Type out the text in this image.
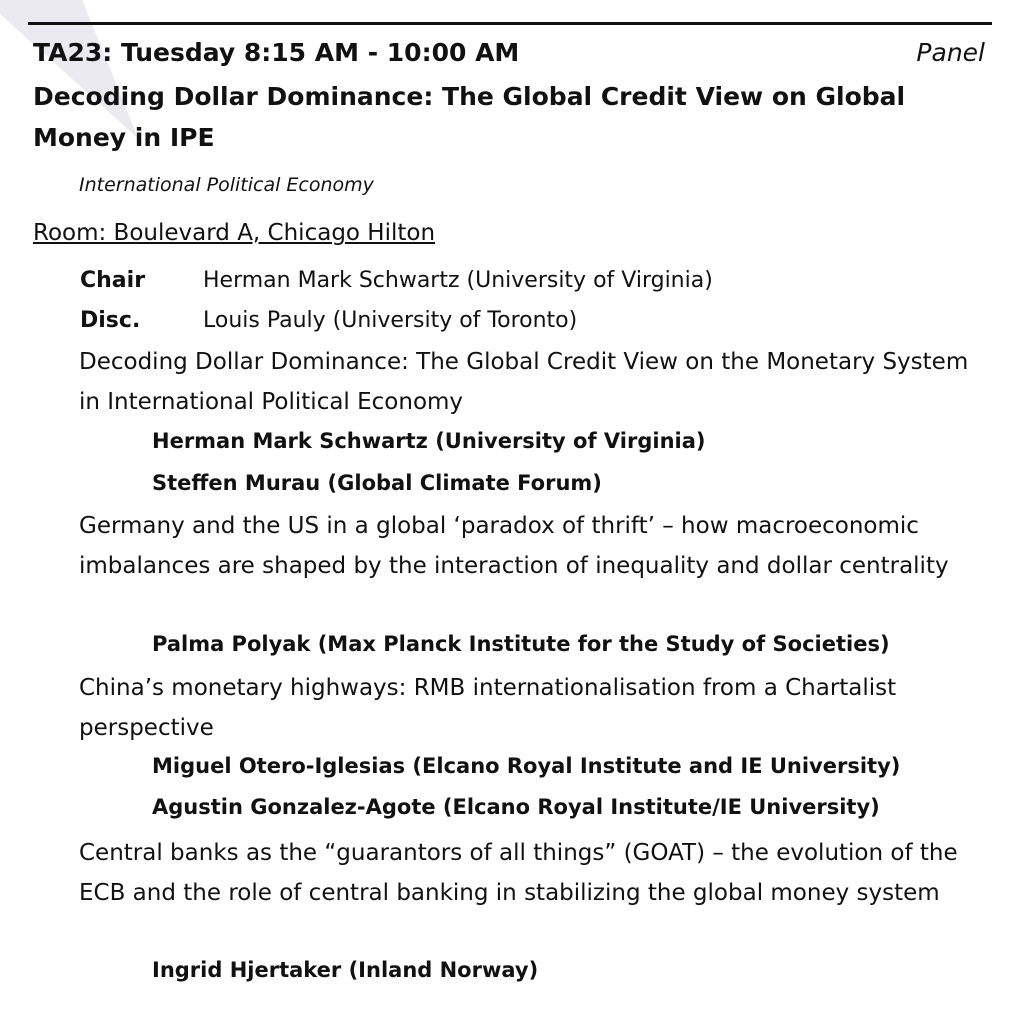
TA23: Tuesday 8:15 AM - 10:00 AM	Panel
Decoding Dollar Dominance: The Global Credit View on Global Money in IPE
International Political Economy
Room: Boulevard A, Chicago Hilton
Chair	Herman Mark Schwartz (University of Virginia)
Disc.	Louis Pauly (University of Toronto)
Decoding Dollar Dominance: The Global Credit View on the Monetary System in International Political Economy
Herman Mark Schwartz (University of Virginia)
Steffen Murau (Global Climate Forum)
Germany and the US in a global ‘paradox of thrift’ – how macroeconomic imbalances are shaped by the interaction of inequality and dollar centrality
Palma Polyak (Max Planck Institute for the Study of Societies)
China’s monetary highways: RMB internationalisation from a Chartalist perspective
Miguel Otero-Iglesias (Elcano Royal Institute and IE University)
Agustin Gonzalez-Agote (Elcano Royal Institute/IE University)
Central banks as the “guarantors of all things” (GOAT) – the evolution of the ECB and the role of central banking in stabilizing the global money system
Ingrid Hjertaker (Inland Norway)
